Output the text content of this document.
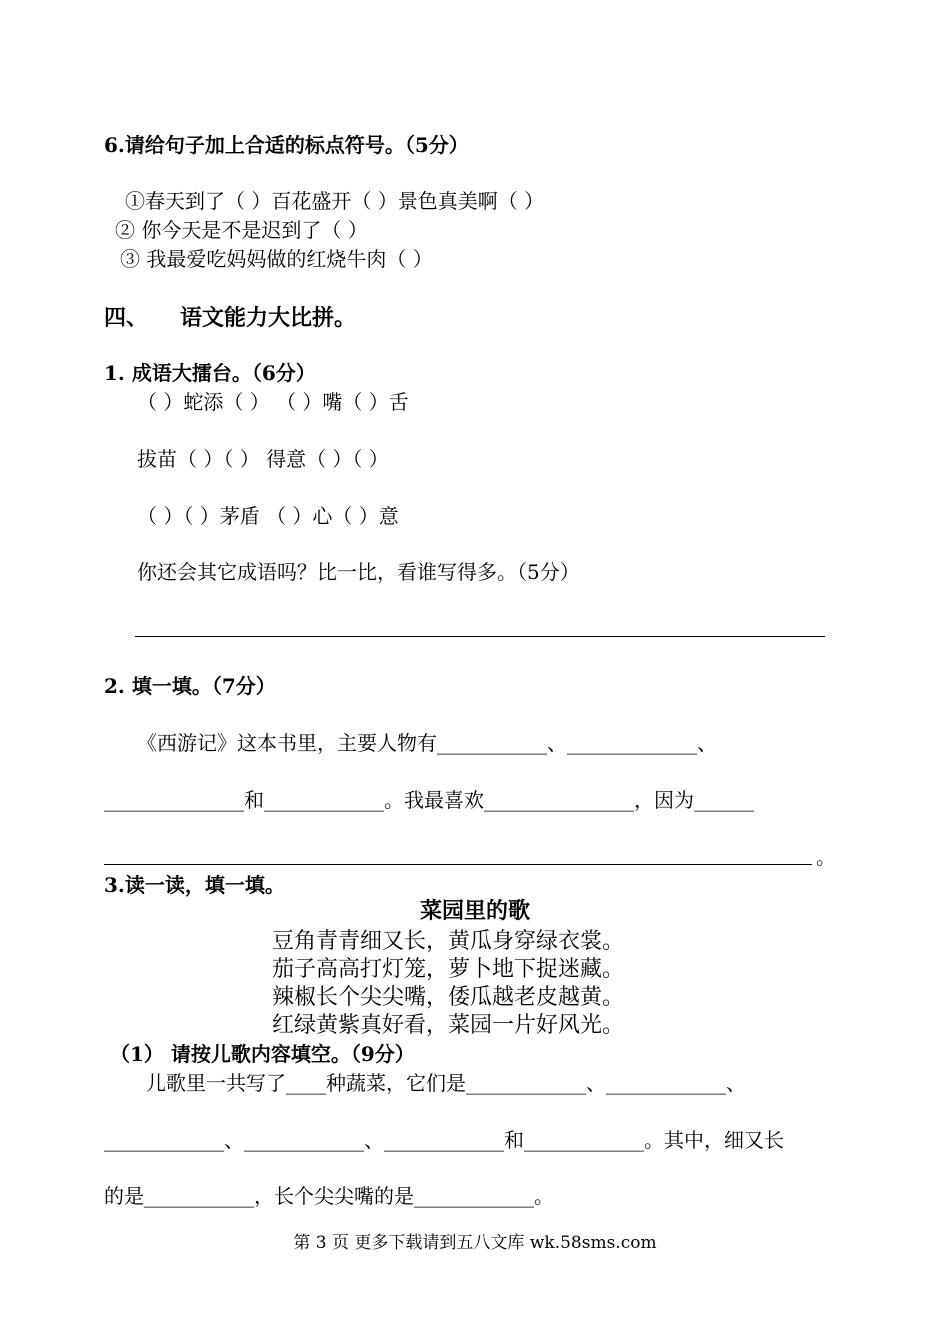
6.请给句子加上合适的标点符号。（5分）
①春天到了（ ）百花盛开（ ）景色真美啊（ ）
② 你今天是不是迟到了（ ）
③ 我最爱吃妈妈做的红烧牛肉（ ）
四、 语文能力大比拼。
1. 成语大擂台。（6分）
（ ）蛇添（ ） （ ）嘴（ ）舌
拔苗（ ）（ ） 得意（ ）（ ）
（ ）（ ）茅盾 （ ）心（ ）意
你还会其它成语吗？比一比，看谁写得多。（5分）
2. 填一填。（7分）
《西游记》这本书里，主要人物有___________、_____________、
______________和____________。我最喜欢_______________，因为______
。
3.读一读，填一填。
菜园里的歌
豆角青青细又长，黄瓜身穿绿衣裳。
茄子高高打灯笼，萝卜地下捉迷藏。
辣椒长个尖尖嘴，倭瓜越老皮越黄。
红绿黄紫真好看，菜园一片好风光。
（1） 请按儿歌内容填空。（9分）
儿歌里一共写了____种蔬菜，它们是____________、____________、
____________、____________、____________和____________。其中，细又长
的是___________，长个尖尖嘴的是____________。
第 3 页 更多下载请到五八文库 wk.58sms.com
